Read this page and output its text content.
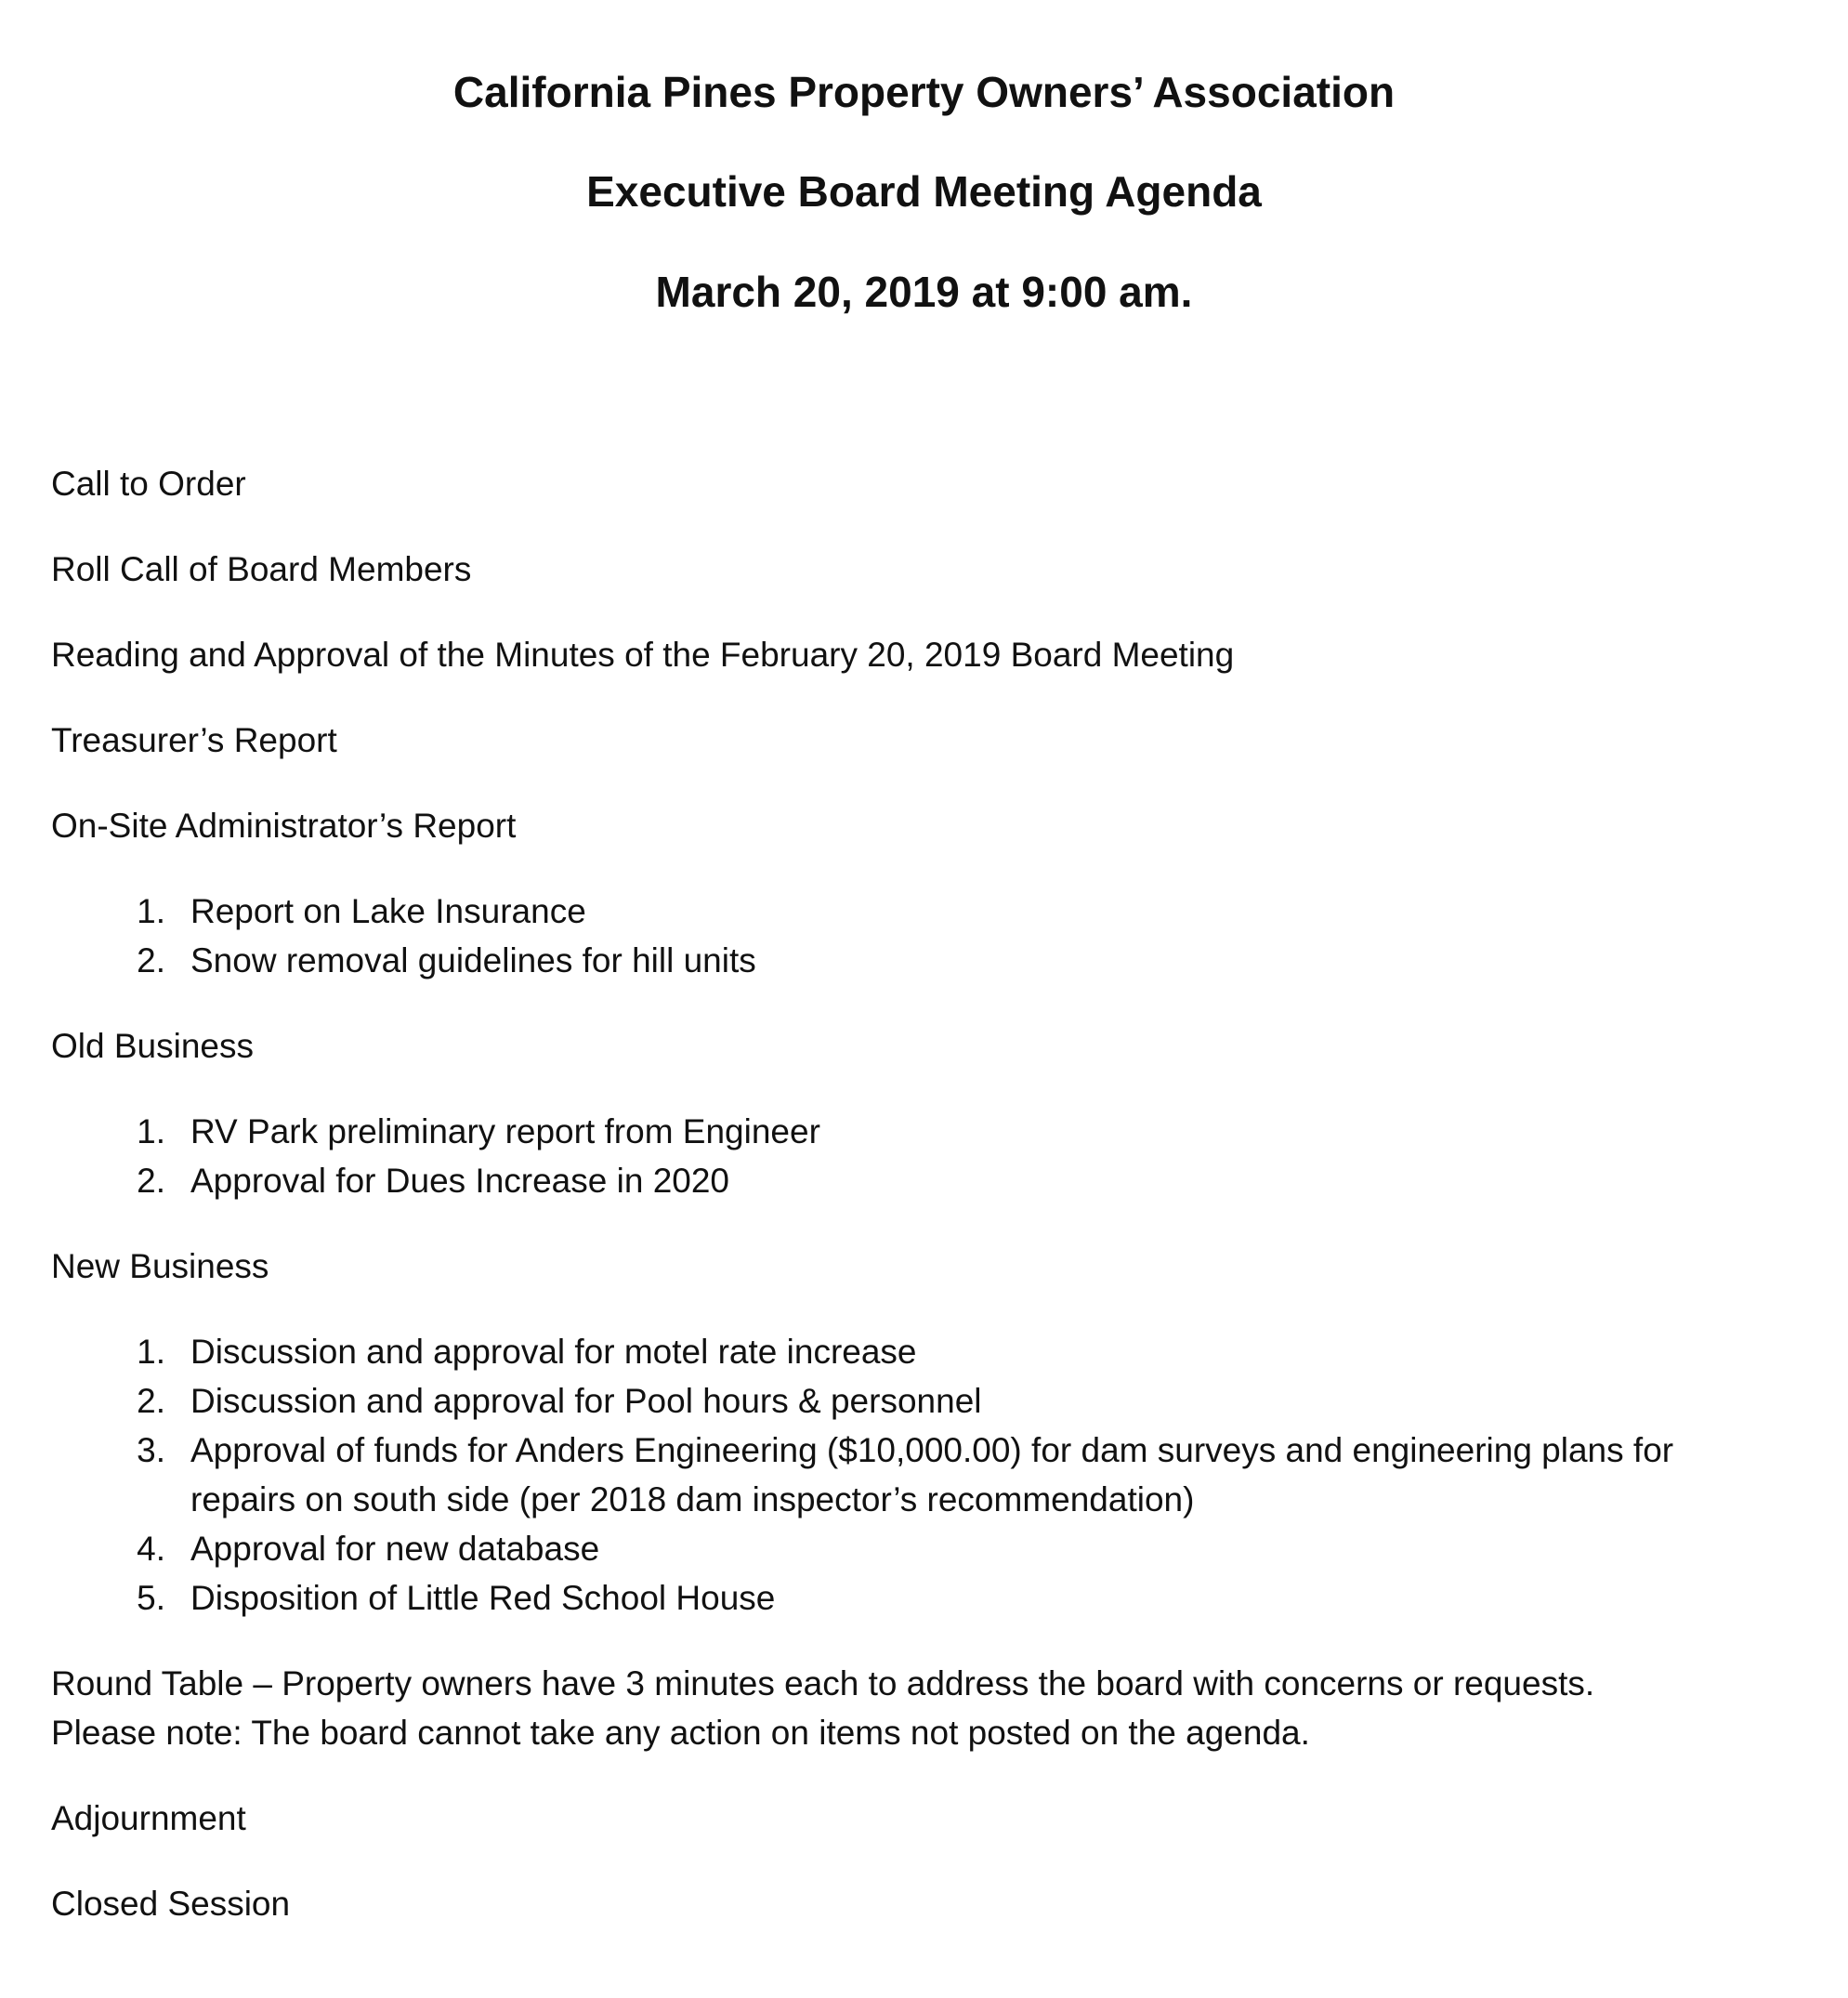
California Pines Property Owners’ Association
Executive Board Meeting Agenda
March 20, 2019 at 9:00 am.
Call to Order
Roll Call of Board Members
Reading and Approval of the Minutes of the February 20, 2019 Board Meeting
Treasurer’s Report
On-Site Administrator’s Report
1. Report on Lake Insurance
2. Snow removal guidelines for hill units
Old Business
1. RV Park preliminary report from Engineer
2. Approval for Dues Increase in 2020
New Business
1. Discussion and approval for motel rate increase
2. Discussion and approval for Pool hours & personnel
3. Approval of funds for Anders Engineering ($10,000.00) for dam surveys and engineering plans for repairs on south side (per 2018 dam inspector’s recommendation)
4. Approval for new database
5. Disposition of Little Red School House
Round Table – Property owners have 3 minutes each to address the board with concerns or requests.
Please note: The board cannot take any action on items not posted on the agenda.
Adjournment
Closed Session
